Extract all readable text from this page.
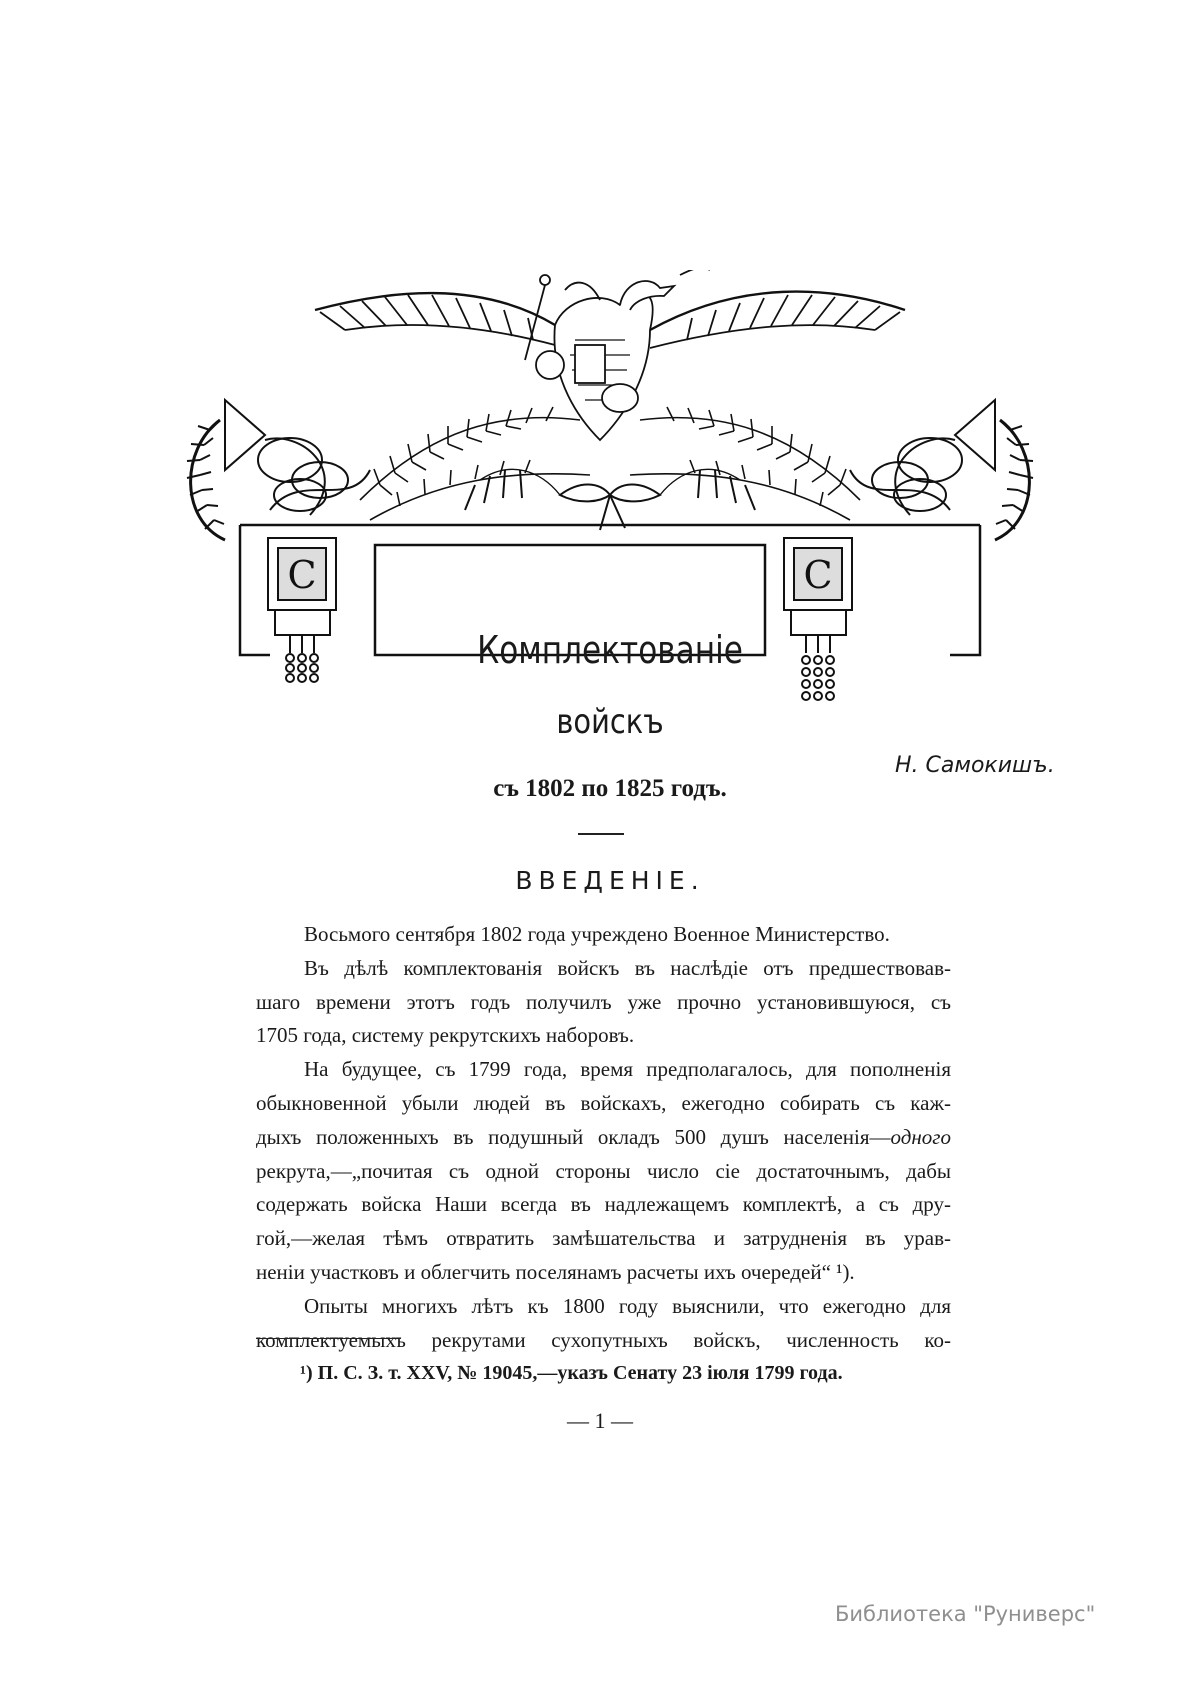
C	C
Комплектованіе
войскъ
Н. Самокишъ.
съ 1802 по 1825 годъ.
ВВЕДЕНІЕ.
Восьмого сентября 1802 года учреждено Военное Министерство.
Въ дѣлѣ комплектованія войскъ въ наслѣдіе отъ предшествовав-
шаго времени этотъ годъ получилъ уже прочно установившуюся, съ
1705 года, систему рекрутскихъ наборовъ.
На будущее, съ 1799 года, время предполагалось, для пополненія
обыкновенной убыли людей въ войскахъ, ежегодно собирать съ каж-
дыхъ положенныхъ въ подушный окладъ 500 душъ населенія—одного
рекрута,—„почитая съ одной стороны число сіе достаточнымъ, дабы
содержать войска Наши всегда въ надлежащемъ комплектѣ, а съ дру-
гой,—желая тѣмъ отвратить замѣшательства и затрудненія въ урав-
неніи участковъ и облегчить поселянамъ расчеты ихъ очередей“ ¹).
Опыты многихъ лѣтъ къ 1800 году выяснили, что ежегодно для
комплектуемыхъ рекрутами сухопутныхъ войскъ, численность ко-
¹) П. С. З. т. XXV, № 19045,—указъ Сенату 23 іюля 1799 года.
— 1 —
Библиотека "Руниверс"
